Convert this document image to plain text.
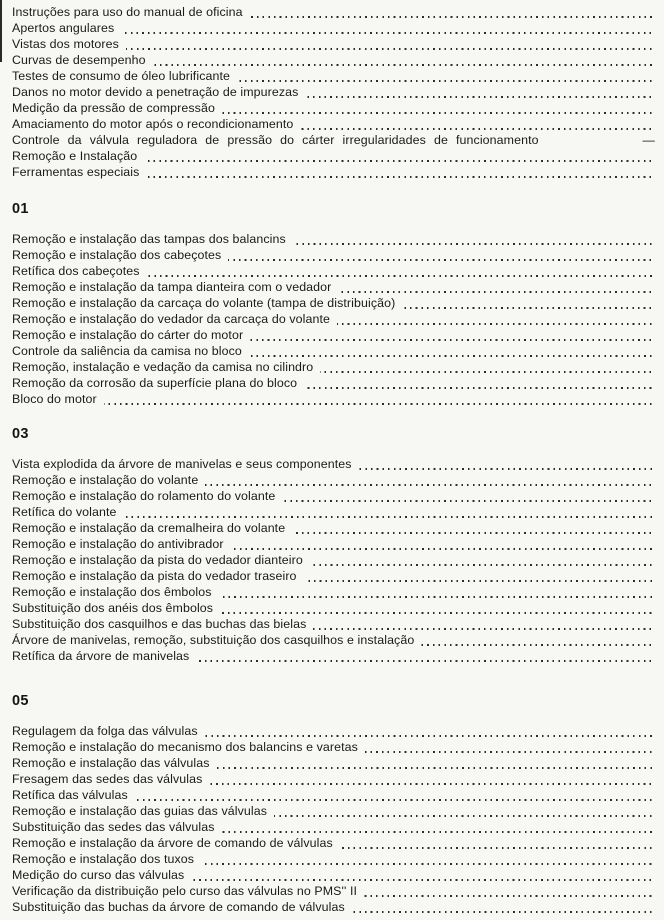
Instruções para uso do manual de oficina
Apertos angulares
Vistas dos motores
Curvas de desempenho
Testes de consumo de óleo lubrificante
Danos no motor devido a penetração de impurezas
Medição da pressão de compressão
Amaciamento do motor após o recondicionamento
Controle da válvula reguladora de pressão do cárter irregularidades de funcionamento	—
Remoção e Instalação
Ferramentas especiais
01
Remoção e instalação das tampas dos balancins
Remoção e instalação dos cabeçotes
Retífica dos cabeçotes
Remoção e instalação da tampa dianteira com o vedador
Remoção e instalação da carcaça do volante (tampa de distribuição)
Remoção e instalação do vedador da carcaça do volante
Remoção e instalação do cárter do motor
Controle da saliência da camisa no bloco
Remoção, instalação e vedação da camisa no cilindro
Remoção da corrosão da superfície plana do bloco
Bloco do motor
03
Vista explodida da árvore de manivelas e seus componentes
Remoção e instalação do volante
Remoção e instalação do rolamento do volante
Retífica do volante
Remoção e instalação da cremalheira do volante
Remoção e instalação do antivibrador
Remoção e instalação da pista do vedador dianteiro
Remoção e instalação da pista do vedador traseiro
Remoção e instalação dos êmbolos
Substituição dos anéis dos êmbolos
Substituição dos casquilhos e das buchas das bielas
Árvore de manivelas, remoção, substituição dos casquilhos e instalação
Retífica da árvore de manivelas
05
Regulagem da folga das válvulas
Remoção e instalação do mecanismo dos balancins e varetas
Remoção e instalação das válvulas
Fresagem das sedes das válvulas
Retífica das válvulas
Remoção e instalação das guias das válvulas
Substituição das sedes das válvulas
Remoção e instalação da árvore de comando de válvulas
Remoção e instalação dos tuxos
Medição do curso das válvulas
Verificação da distribuição pelo curso das válvulas no PMS'' II
Substituição das buchas da árvore de comando de válvulas
